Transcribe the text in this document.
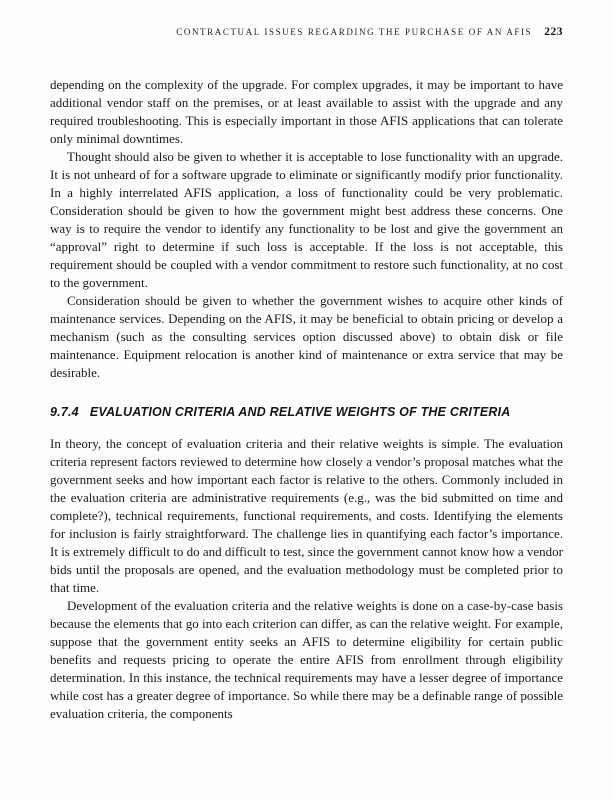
CONTRACTUAL ISSUES REGARDING THE PURCHASE OF AN AFIS 223

depending on the complexity of the upgrade. For complex upgrades, it may be important to have additional vendor staff on the premises, or at least available to assist with the upgrade and any required troubleshooting. This is especially important in those AFIS applications that can tolerate only minimal downtimes.

Thought should also be given to whether it is acceptable to lose functionality with an upgrade. It is not unheard of for a software upgrade to eliminate or significantly modify prior functionality. In a highly interrelated AFIS application, a loss of functionality could be very problematic. Consideration should be given to how the government might best address these concerns. One way is to require the vendor to identify any functionality to be lost and give the government an “approval” right to determine if such loss is acceptable. If the loss is not acceptable, this requirement should be coupled with a vendor commitment to restore such functionality, at no cost to the government.

Consideration should be given to whether the government wishes to acquire other kinds of maintenance services. Depending on the AFIS, it may be beneficial to obtain pricing or develop a mechanism (such as the consulting services option discussed above) to obtain disk or file maintenance. Equipment relocation is another kind of maintenance or extra service that may be desirable.

9.7.4 EVALUATION CRITERIA AND RELATIVE WEIGHTS OF THE CRITERIA

In theory, the concept of evaluation criteria and their relative weights is simple. The evaluation criteria represent factors reviewed to determine how closely a vendor’s proposal matches what the government seeks and how important each factor is relative to the others. Commonly included in the evaluation criteria are administrative requirements (e.g., was the bid submitted on time and complete?), technical requirements, functional requirements, and costs. Identifying the elements for inclusion is fairly straightforward. The challenge lies in quantifying each factor’s importance. It is extremely difficult to do and difficult to test, since the government cannot know how a vendor bids until the proposals are opened, and the evaluation methodology must be completed prior to that time.

Development of the evaluation criteria and the relative weights is done on a case-by-case basis because the elements that go into each criterion can differ, as can the relative weight. For example, suppose that the government entity seeks an AFIS to determine eligibility for certain public benefits and requests pricing to operate the entire AFIS from enrollment through eligibility determination. In this instance, the technical requirements may have a lesser degree of importance while cost has a greater degree of importance. So while there may be a definable range of possible evaluation criteria, the components
